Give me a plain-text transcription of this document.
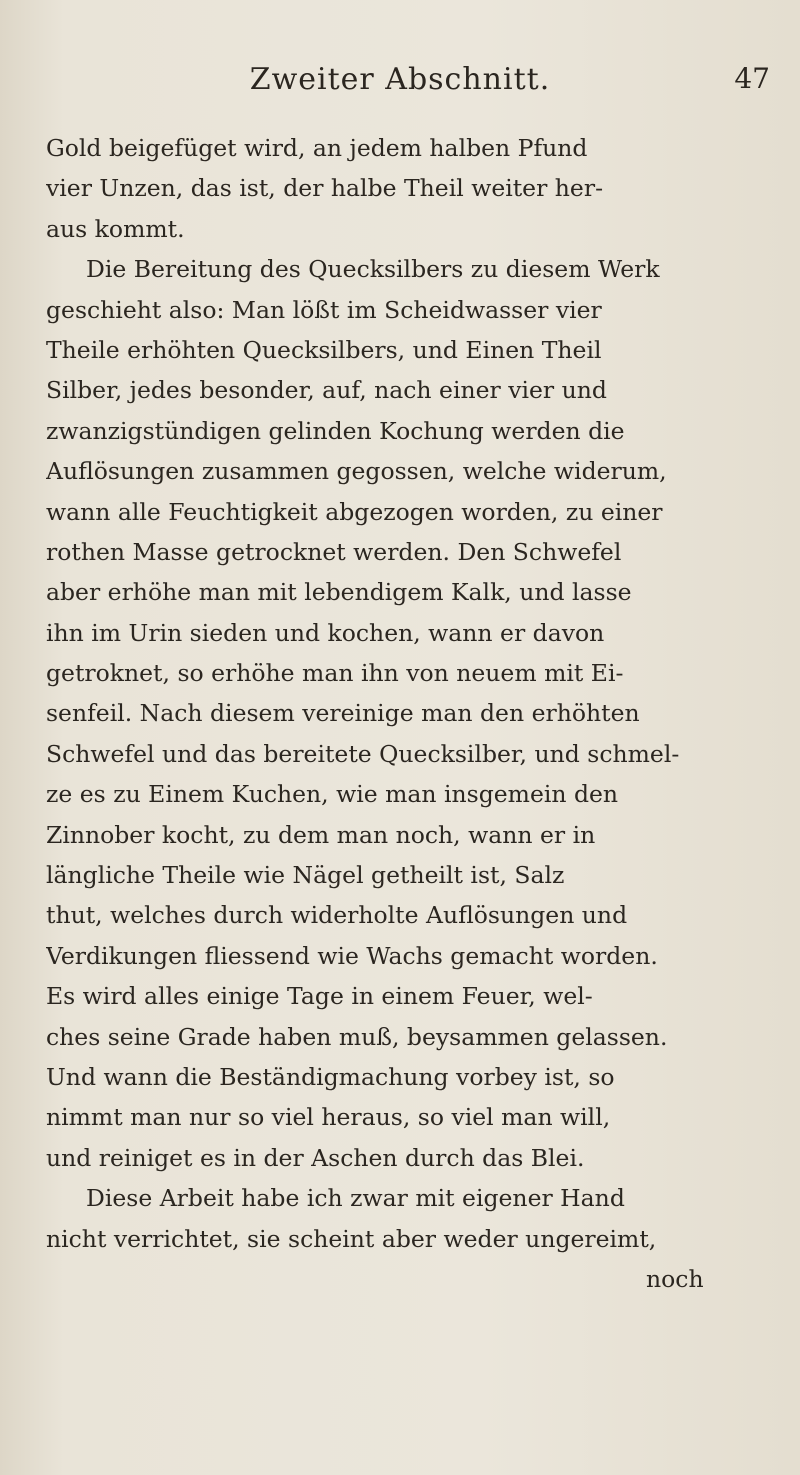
Zweiter Abschnitt.	47
Gold beigefüget wird, an jedem halben Pfund
vier Unzen, das ist, der halbe Theil weiter her-
aus kommt.
Die Bereitung des Quecksilbers zu diesem Werk
geschieht also: Man lößt im Scheidwasser vier
Theile erhöhten Quecksilbers, und Einen Theil
Silber, jedes besonder, auf, nach einer vier und
zwanzigstündigen gelinden Kochung werden die
Auflösungen zusammen gegossen, welche widerum,
wann alle Feuchtigkeit abgezogen worden, zu einer
rothen Masse getrocknet werden. Den Schwefel
aber erhöhe man mit lebendigem Kalk, und lasse
ihn im Urin sieden und kochen, wann er davon
getroknet, so erhöhe man ihn von neuem mit Ei-
senfeil. Nach diesem vereinige man den erhöhten
Schwefel und das bereitete Quecksilber, und schmel-
ze es zu Einem Kuchen, wie man insgemein den
Zinnober kocht, zu dem man noch, wann er in
längliche Theile wie Nägel getheilt ist, Salz
thut, welches durch widerholte Auflösungen und
Verdikungen fliessend wie Wachs gemacht worden.
Es wird alles einige Tage in einem Feuer, wel-
ches seine Grade haben muß, beysammen gelassen.
Und wann die Beständigmachung vorbey ist, so
nimmt man nur so viel heraus, so viel man will,
und reiniget es in der Aschen durch das Blei.
Diese Arbeit habe ich zwar mit eigener Hand
nicht verrichtet, sie scheint aber weder ungereimt,
noch
